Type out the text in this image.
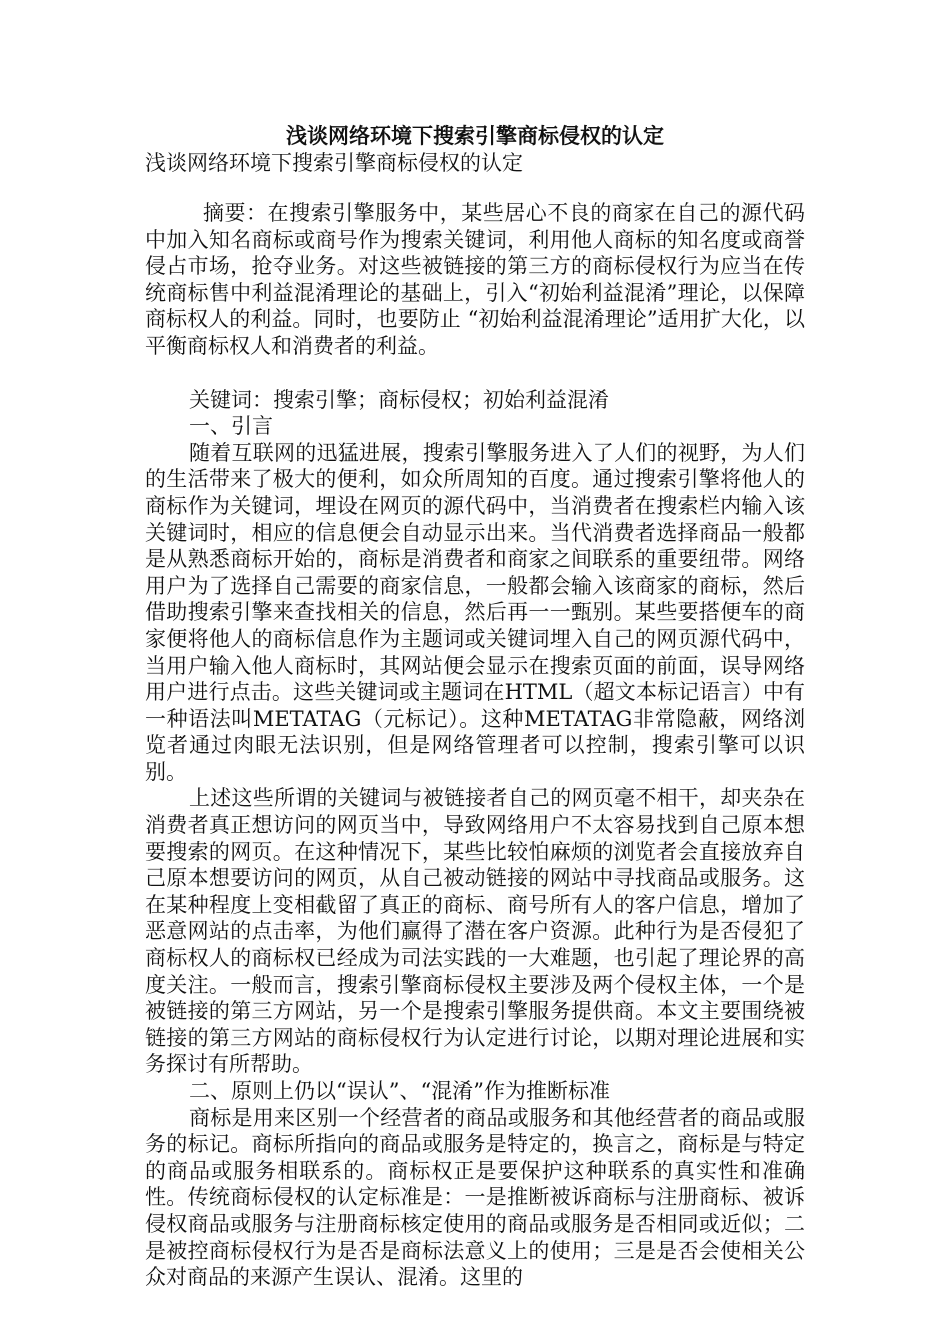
浅谈网络环境下搜索引擎商标侵权的认定
浅谈网络环境下搜索引擎商标侵权的认定

摘要：在搜索引擎服务中，某些居心不良的商家在自己的源代码中加入知名商标或商号作为搜索关键词，利用他人商标的知名度或商誉侵占市场，抢夺业务。对这些被链接的第三方的商标侵权行为应当在传统商标售中利益混淆理论的基础上，引入“初始利益混淆”理论，以保障商标权人的利益。同时，也要防止 “初始利益混淆理论”适用扩大化，以平衡商标权人和消费者的利益。

关键词：搜索引擎；商标侵权；初始利益混淆

一、引言

随着互联网的迅猛进展，搜索引擎服务进入了人们的视野，为人们的生活带来了极大的便利，如众所周知的百度。通过搜索引擎将他人的商标作为关键词，埋设在网页的源代码中，当消费者在搜索栏内输入该关键词时，相应的信息便会自动显示出来。当代消费者选择商品一般都是从熟悉商标开始的，商标是消费者和商家之间联系的重要纽带。网络用户为了选择自己需要的商家信息，一般都会输入该商家的商标，然后借助搜索引擎来查找相关的信息，然后再一一甄别。某些要搭便车的商家便将他人的商标信息作为主题词或关键词埋入自己的网页源代码中，当用户输入他人商标时，其网站便会显示在搜索页面的前面，误导网络用户进行点击。这些关键词或主题词在HTML（超文本标记语言）中有一种语法叫METATAG（元标记）。这种METATAG非常隐蔽，网络浏览者通过肉眼无法识别，但是网络管理者可以控制，搜索引擎可以识别。

上述这些所谓的关键词与被链接者自己的网页毫不相干，却夹杂在消费者真正想访问的网页当中，导致网络用户不太容易找到自己原本想要搜索的网页。在这种情况下，某些比较怕麻烦的浏览者会直接放弃自己原本想要访问的网页，从自己被动链接的网站中寻找商品或服务。这在某种程度上变相截留了真正的商标、商号所有人的客户信息，增加了恶意网站的点击率，为他们赢得了潜在客户资源。此种行为是否侵犯了商标权人的商标权已经成为司法实践的一大难题，也引起了理论界的高度关注。一般而言，搜索引擎商标侵权主要涉及两个侵权主体，一个是被链接的第三方网站，另一个是搜索引擎服务提供商。本文主要围绕被链接的第三方网站的商标侵权行为认定进行讨论，以期对理论进展和实务探讨有所帮助。

二、原则上仍以“误认”、“混淆”作为推断标准

商标是用来区别一个经营者的商品或服务和其他经营者的商品或服务的标记。商标所指向的商品或服务是特定的，换言之，商标是与特定的商品或服务相联系的。商标权正是要保护这种联系的真实性和准确性。传统商标侵权的认定标准是：一是推断被诉商标与注册商标、被诉侵权商品或服务与注册商标核定使用的商品或服务是否相同或近似；二是被控商标侵权行为是否是商标法意义上的使用；三是是否会使相关公众对商品的来源产生误认、混淆。这里的
